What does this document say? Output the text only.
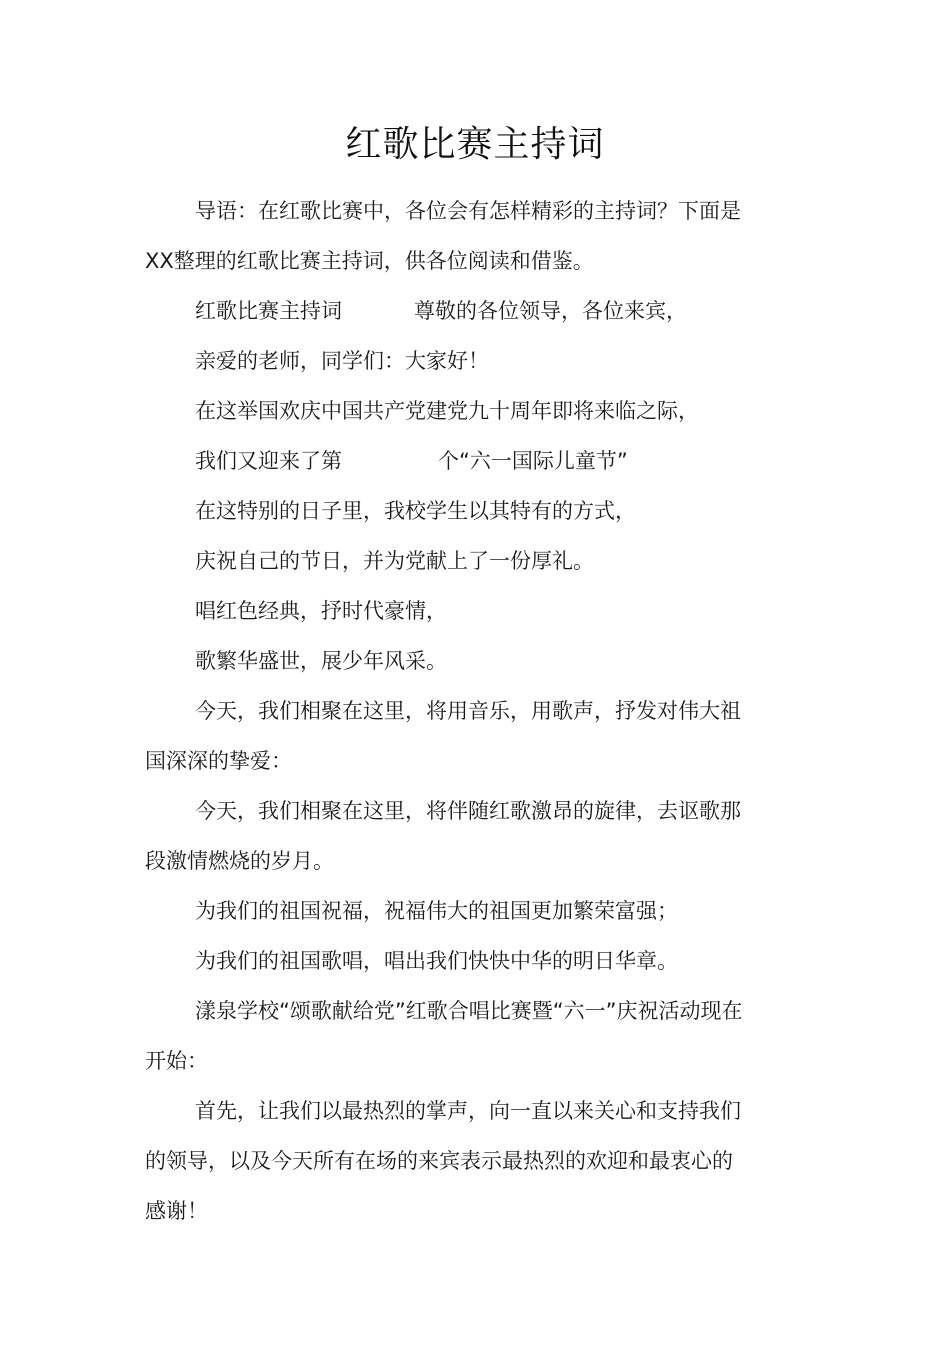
红歌比赛主持词

导语：在红歌比赛中，各位会有怎样精彩的主持词？下面是 XX整理的红歌比赛主持词，供各位阅读和借鉴。

红歌比赛主持词	尊敬的各位领导，各位来宾，

亲爱的老师，同学们：大家好！

在这举国欢庆中国共产党建党九十周年即将来临之际，

我们又迎来了第	个“六一国际儿童节”

在这特别的日子里，我校学生以其特有的方式，

庆祝自己的节日，并为党献上了一份厚礼。

唱红色经典，抒时代豪情，

歌繁华盛世，展少年风采。

今天，我们相聚在这里，将用音乐，用歌声，抒发对伟大祖国深深的挚爱：

今天，我们相聚在这里，将伴随红歌激昂的旋律，去讴歌那段激情燃烧的岁月。

为我们的祖国祝福，祝福伟大的祖国更加繁荣富强；

为我们的祖国歌唱，唱出我们快快中华的明日华章。

漾泉学校“颂歌献给党”红歌合唱比赛暨“六一”庆祝活动现在开始：

首先，让我们以最热烈的掌声，向一直以来关心和支持我们的领导，以及今天所有在场的来宾表示最热烈的欢迎和最衷心的感谢！
